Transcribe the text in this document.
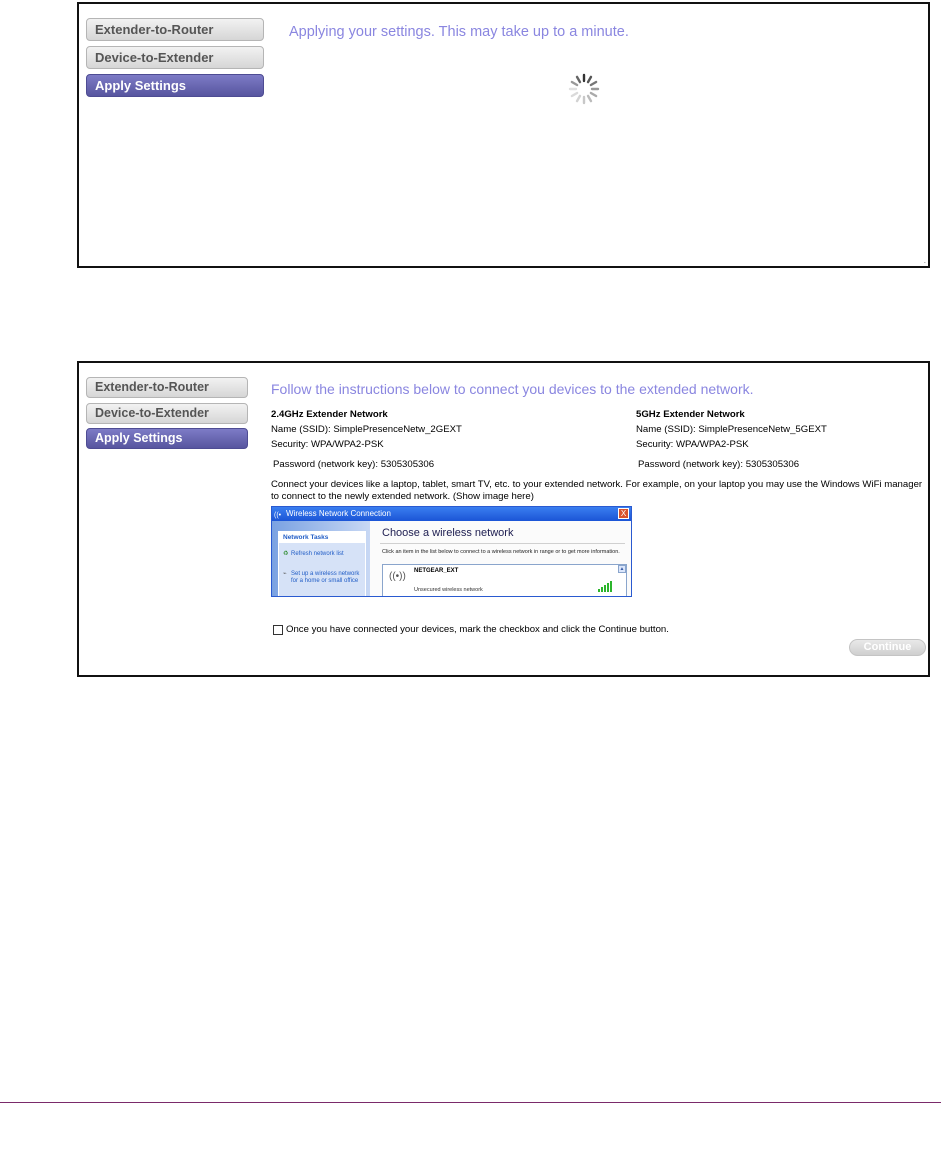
Extender-to-Router
Device-to-Extender
Apply Settings
Applying your settings. This may take up to a minute.
.
Extender-to-Router
Device-to-Extender
Apply Settings
Follow the instructions below to connect you devices to the extended network.
2.4GHz Extender Network
Name (SSID): SimplePresenceNetw_2GEXT
Security: WPA/WPA2-PSK
Password (network key): 5305305306
5GHz Extender Network
Name (SSID): SimplePresenceNetw_5GEXT
Security: WPA/WPA2-PSK
Password (network key): 5305305306
Connect your devices like a laptop, tablet, smart TV, etc. to your extended network. For example, on your laptop you may use the Windows WiFi manager to connect to the newly extended network. (Show image here)
((• Wireless Network Connection	X
Network Tasks
♻ Refresh network list
⌁ Set up a wireless network
for a home or small office
Choose a wireless network
Click an item in the list below to connect to a wireless network in range or to get more information.
((•)) NETGEAR_EXT
Unsecured wireless network
▲
Once you have connected your devices, mark the checkbox and click the Continue button.
Continue
